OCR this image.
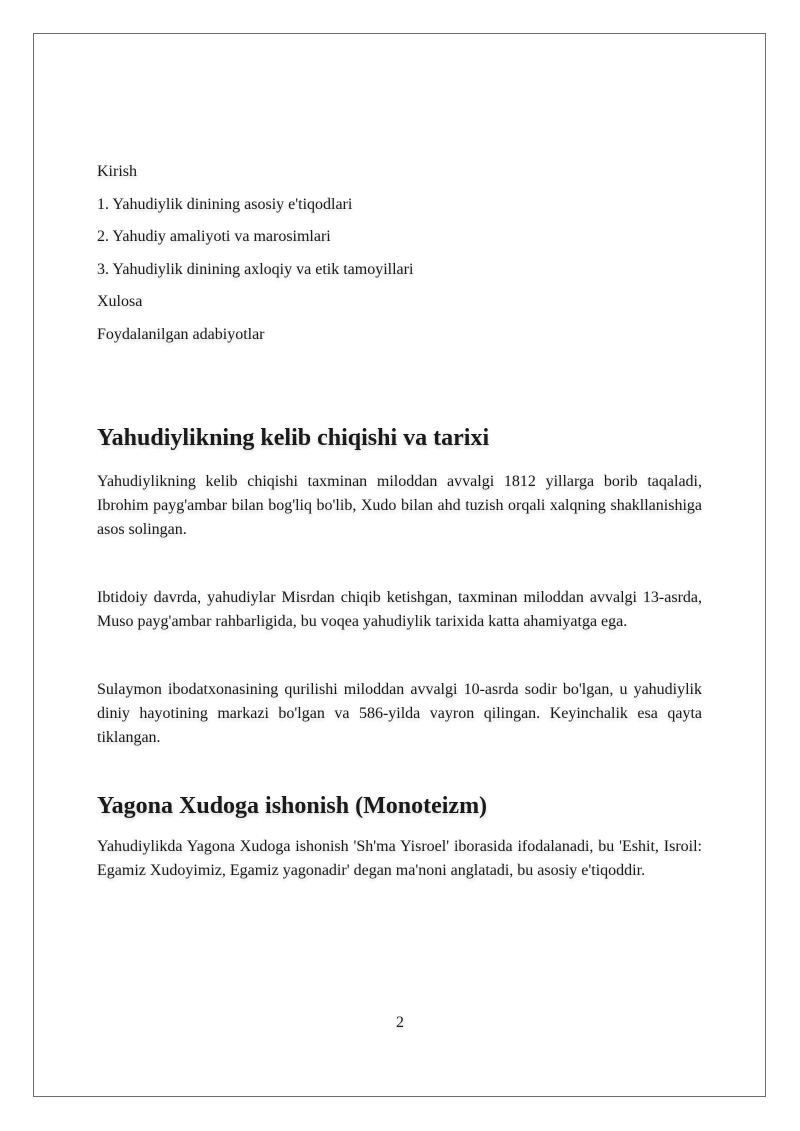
Kirish

1. Yahudiylik dinining asosiy e'tiqodlari

2. Yahudiy amaliyoti va marosimlari

3. Yahudiylik dinining axloqiy va etik tamoyillari

Xulosa

Foydalanilgan adabiyotlar

Yahudiylikning kelib chiqishi va tarixi

Yahudiylikning kelib chiqishi taxminan miloddan avvalgi 1812 yillarga borib taqaladi, Ibrohim payg'ambar bilan bog'liq bo'lib, Xudo bilan ahd tuzish orqali xalqning shakllanishiga asos solingan.

Ibtidoiy davrda, yahudiylar Misrdan chiqib ketishgan, taxminan miloddan avvalgi 13-asrda, Muso payg'ambar rahbarligida, bu voqea yahudiylik tarixida katta ahamiyatga ega.

Sulaymon ibodatxonasining qurilishi miloddan avvalgi 10-asrda sodir bo'lgan, u yahudiylik diniy hayotining markazi bo'lgan va 586-yilda vayron qilingan. Keyinchalik esa qayta tiklangan.

Yagona Xudoga ishonish (Monoteizm)

Yahudiylikda Yagona Xudoga ishonish 'Sh'ma Yisroel' iborasida ifodalanadi, bu 'Eshit, Isroil: Egamiz Xudoyimiz, Egamiz yagonadir' degan ma'noni anglatadi, bu asosiy e'tiqoddir.

2
